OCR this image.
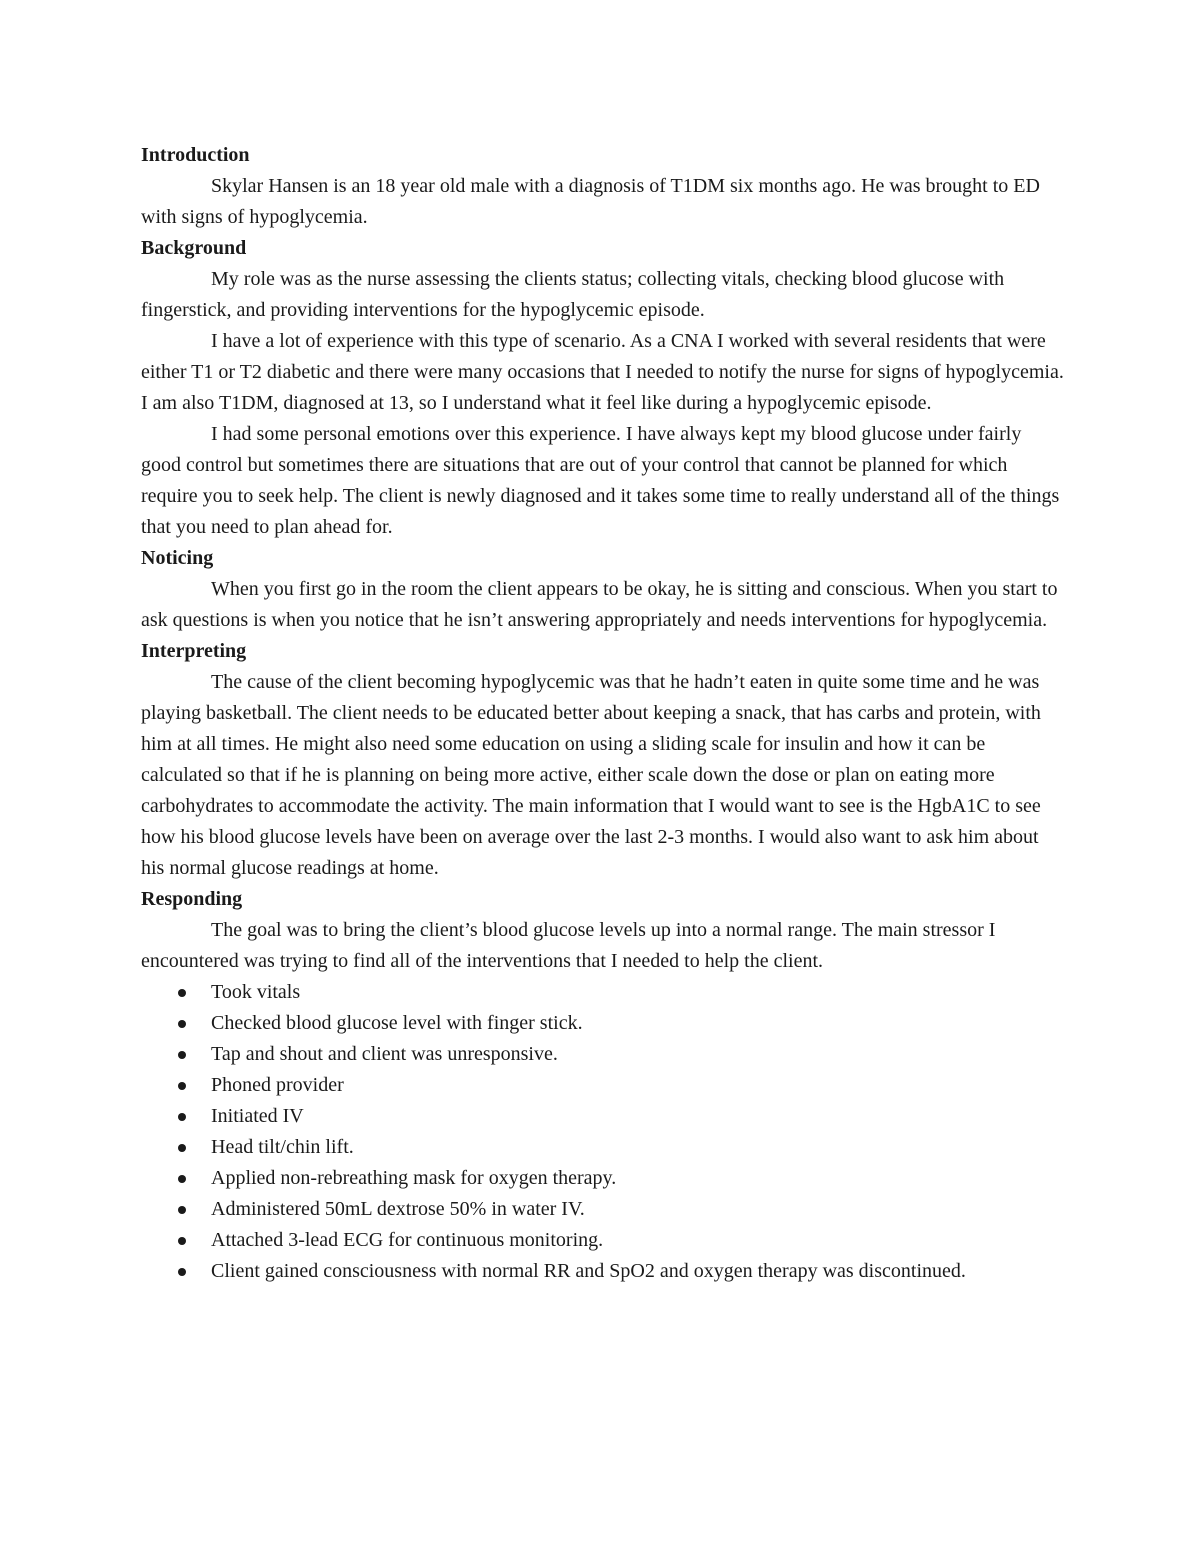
Introduction

Skylar Hansen is an 18 year old male with a diagnosis of T1DM six months ago. He was brought to ED with signs of hypoglycemia.

Background

My role was as the nurse assessing the clients status; collecting vitals, checking blood glucose with fingerstick, and providing interventions for the hypoglycemic episode.

I have a lot of experience with this type of scenario. As a CNA I worked with several residents that were either T1 or T2 diabetic and there were many occasions that I needed to notify the nurse for signs of hypoglycemia. I am also T1DM, diagnosed at 13, so I understand what it feel like during a hypoglycemic episode.

I had some personal emotions over this experience. I have always kept my blood glucose under fairly good control but sometimes there are situations that are out of your control that cannot be planned for which require you to seek help. The client is newly diagnosed and it takes some time to really understand all of the things that you need to plan ahead for.

Noticing

When you first go in the room the client appears to be okay, he is sitting and conscious. When you start to ask questions is when you notice that he isn’t answering appropriately and needs interventions for hypoglycemia.

Interpreting

The cause of the client becoming hypoglycemic was that he hadn’t eaten in quite some time and he was playing basketball. The client needs to be educated better about keeping a snack, that has carbs and protein, with him at all times. He might also need some education on using a sliding scale for insulin and how it can be calculated so that if he is planning on being more active, either scale down the dose or plan on eating more carbohydrates to accommodate the activity. The main information that I would want to see is the HgbA1C to see how his blood glucose levels have been on average over the last 2-3 months. I would also want to ask him about his normal glucose readings at home.

Responding

The goal was to bring the client’s blood glucose levels up into a normal range. The main stressor I encountered was trying to find all of the interventions that I needed to help the client.

Took vitals
Checked blood glucose level with finger stick.
Tap and shout and client was unresponsive.
Phoned provider
Initiated IV
Head tilt/chin lift.
Applied non-rebreathing mask for oxygen therapy.
Administered 50mL dextrose 50% in water IV.
Attached 3-lead ECG for continuous monitoring.
Client gained consciousness with normal RR and SpO2 and oxygen therapy was discontinued.
